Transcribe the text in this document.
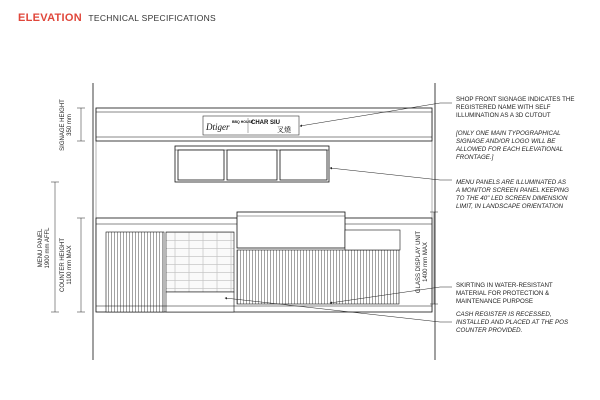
ELEVATION TECHNICAL SPECIFICATIONS
Dtiger BBQ HOUSE
CHAR SIU
叉燒
SIGNAGE HEIGHT 350 mm
MENU PANEL 1900 mm AFFL COUNTER HEIGHT 1100 mm MAX	GLASS DISPLAY UNIT 1400 mm MAX
SHOP FRONT SIGNAGE INDICATES THE REGISTERED NAME WITH SELF ILLUMINATION AS A 3D CUTOUT
[ONLY ONE MAIN TYPOGRAPHICAL SIGNAGE AND/OR LOGO WILL BE ALLOWED FOR EACH ELEVATIONAL FRONTAGE.]
MENU PANELS ARE ILLUMINATED AS A MONITOR SCREEN PANEL KEEPING TO THE 40" LED SCREEN DIMENSION LIMIT, IN LANDSCAPE ORIENTATION
SKIRTING IN WATER-RESISTANT MATERIAL FOR PROTECTION & MAINTENANCE PURPOSE
CASH REGISTER IS RECESSED, INSTALLED AND PLACED AT THE POS COUNTER PROVIDED.
